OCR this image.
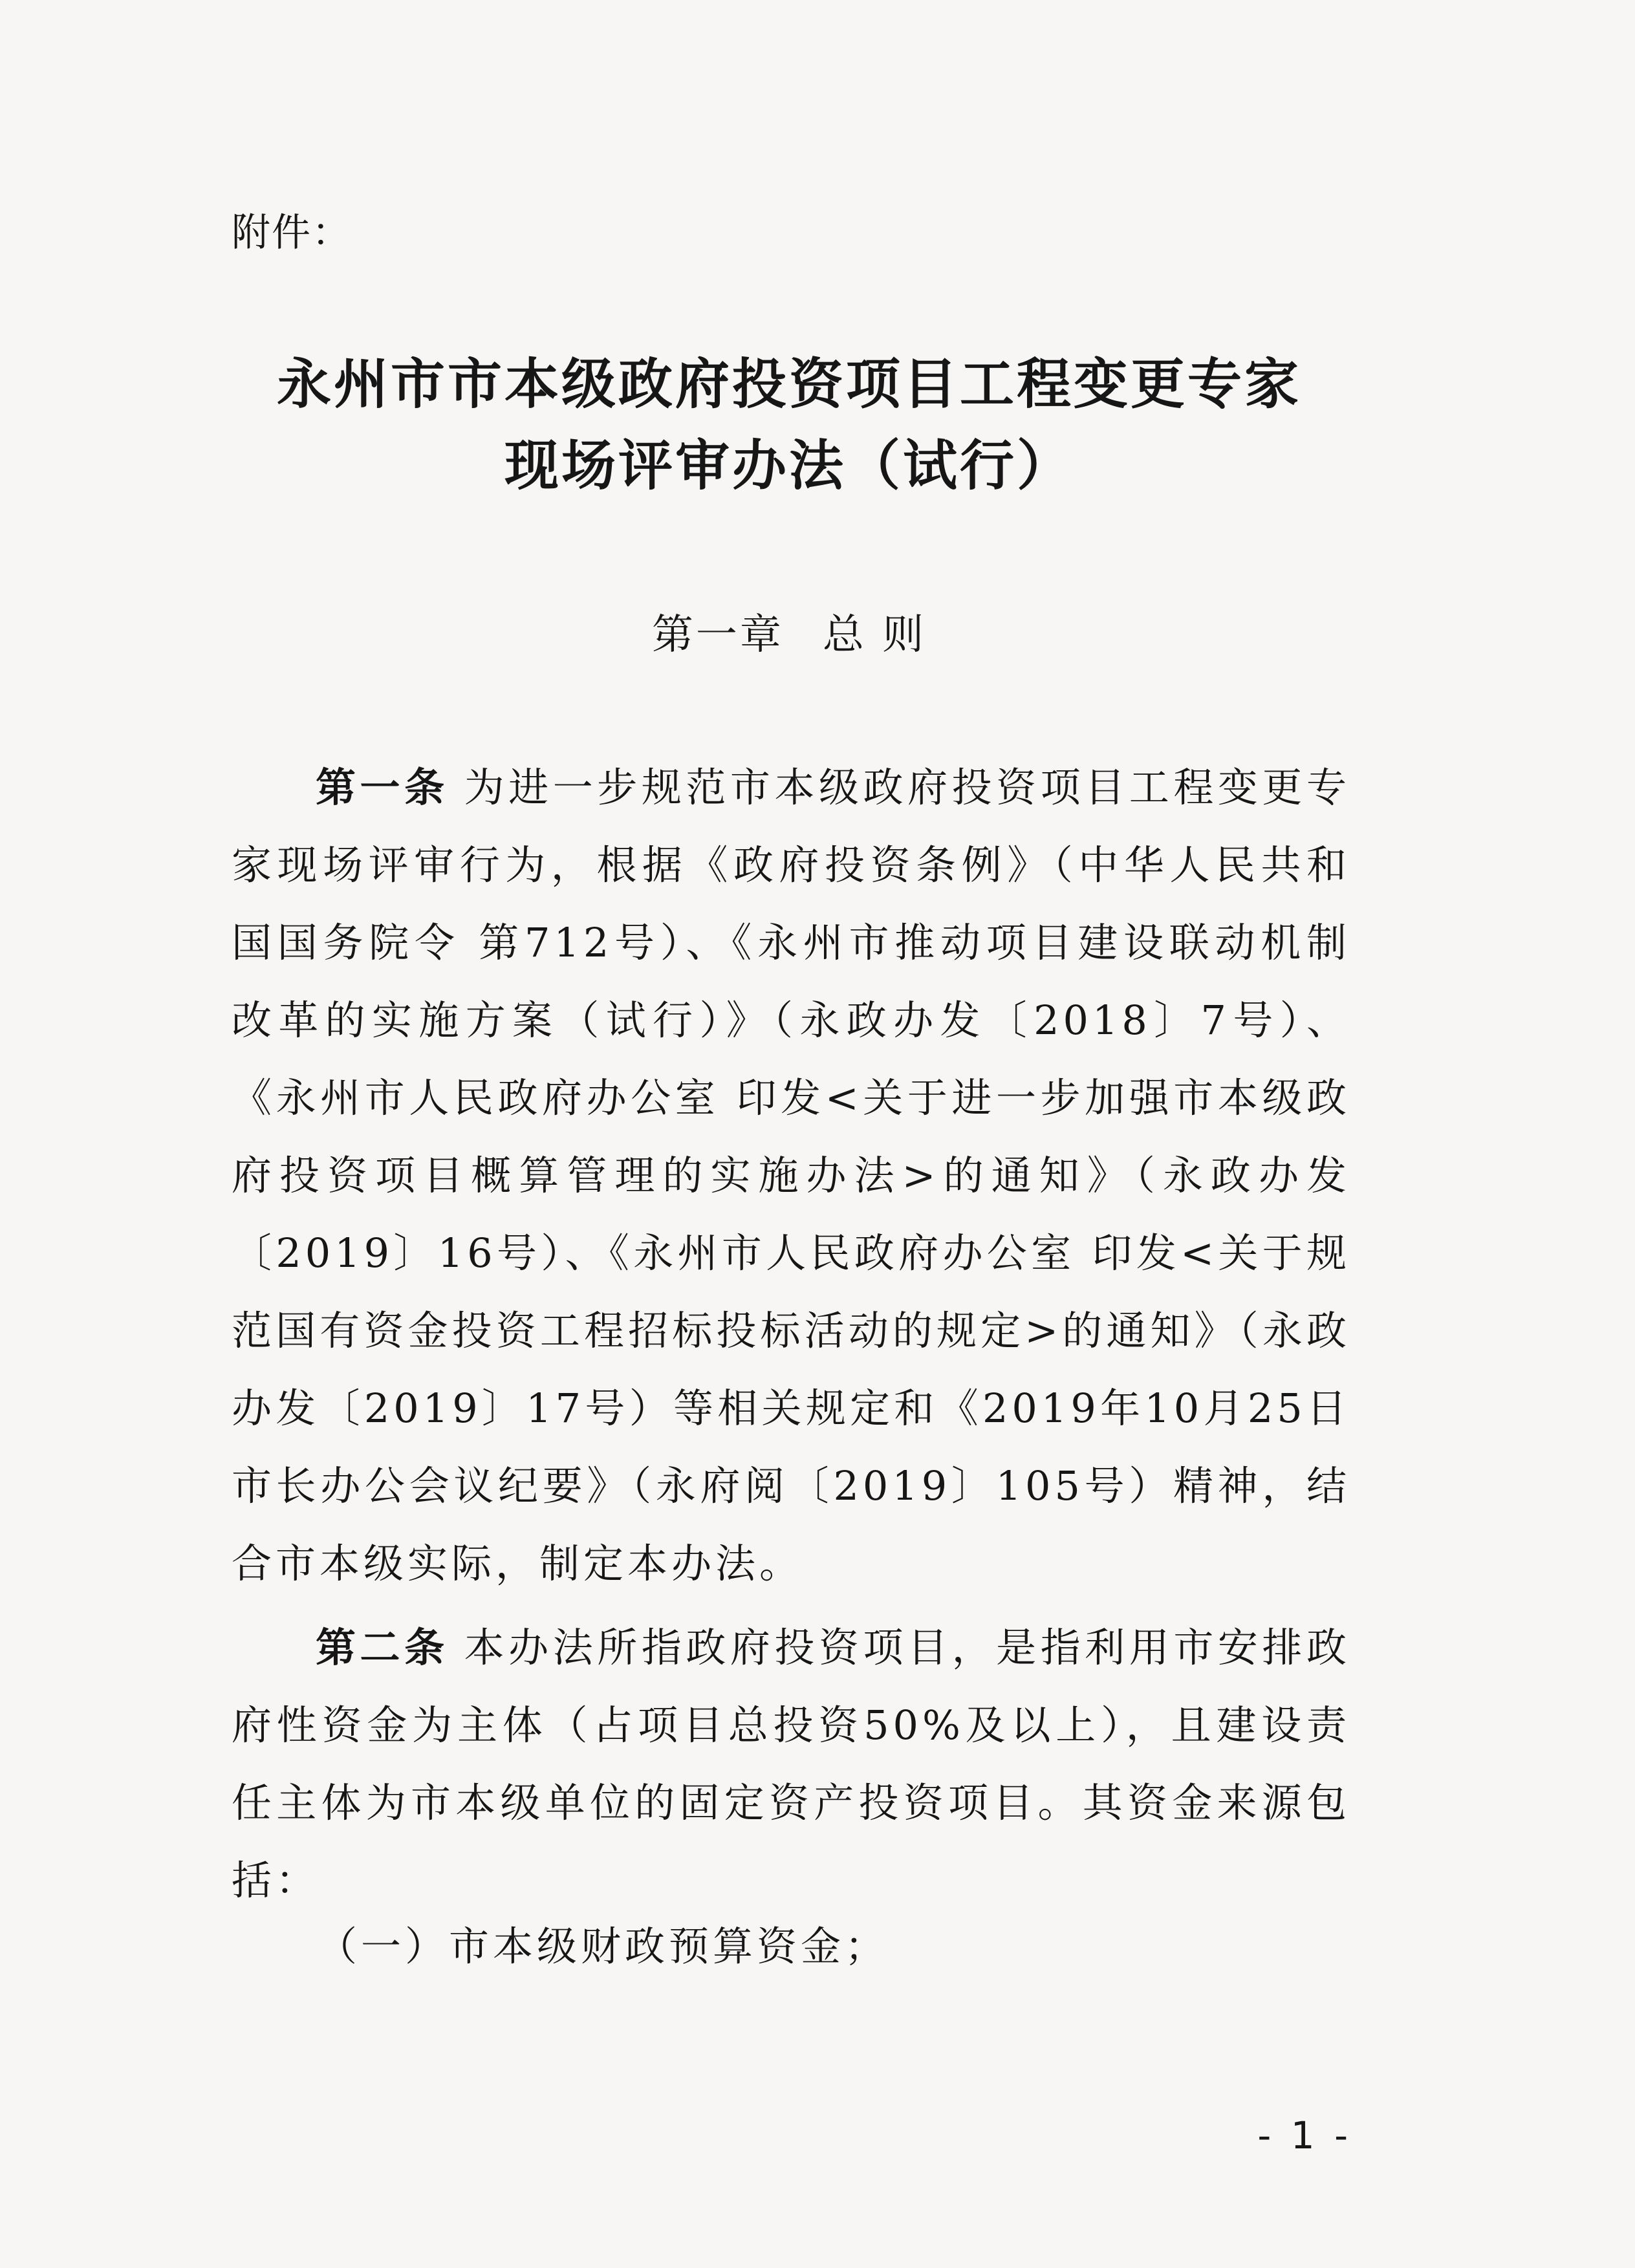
附件：
永州市市本级政府投资项目工程变更专家
现场评审办法（试行）
第一章 总 则
第一条 为进一步规范市本级政府投资项目工程变更专家现场评审行为，根据《政府投资条例》（中华人民共和国国务院令 第712号）、《永州市推动项目建设联动机制改革的实施方案（试行）》（永政办发〔2018〕7号）、《永州市人民政府办公室 印发<关于进一步加强市本级政府投资项目概算管理的实施办法>的通知》（永政办发〔2019〕16号）、《永州市人民政府办公室 印发<关于规范国有资金投资工程招标投标活动的规定>的通知》（永政办发〔2019〕17号）等相关规定和《2019年10月25日市长办公会议纪要》（永府阅〔2019〕105号）精神，结合市本级实际，制定本办法。
第二条 本办法所指政府投资项目，是指利用市安排政府性资金为主体（占项目总投资50%及以上），且建设责任主体为市本级单位的固定资产投资项目。其资金来源包括：
（一）市本级财政预算资金；
- 1 -
